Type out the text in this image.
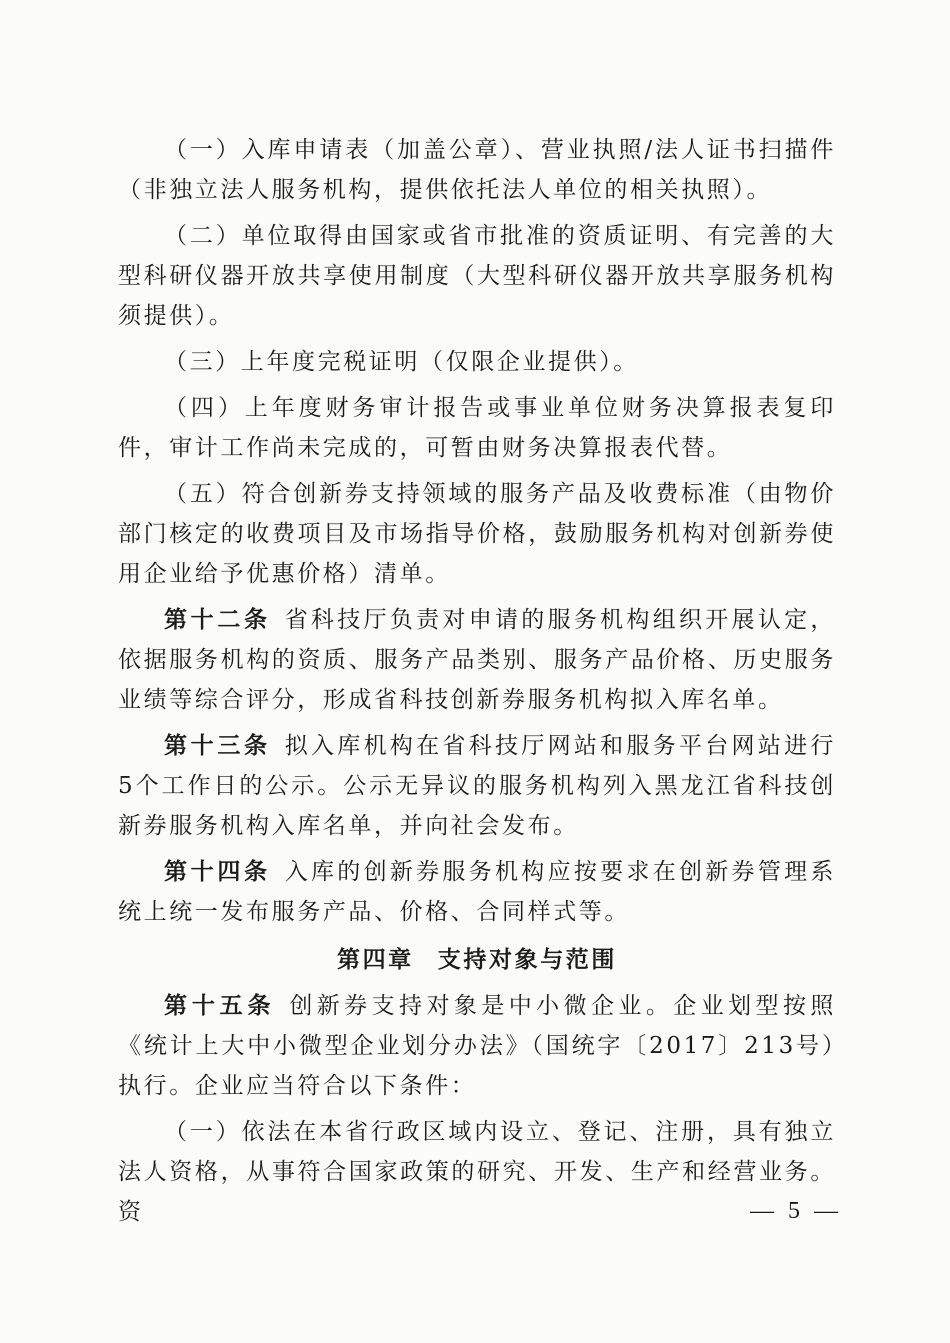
（一）入库申请表（加盖公章）、营业执照/法人证书扫描件（非独立法人服务机构，提供依托法人单位的相关执照）。

（二）单位取得由国家或省市批准的资质证明、有完善的大型科研仪器开放共享使用制度（大型科研仪器开放共享服务机构须提供）。

（三）上年度完税证明（仅限企业提供）。

（四）上年度财务审计报告或事业单位财务决算报表复印件，审计工作尚未完成的，可暂由财务决算报表代替。

（五）符合创新券支持领域的服务产品及收费标准（由物价部门核定的收费项目及市场指导价格，鼓励服务机构对创新券使用企业给予优惠价格）清单。

第十二条 省科技厅负责对申请的服务机构组织开展认定，依据服务机构的资质、服务产品类别、服务产品价格、历史服务业绩等综合评分，形成省科技创新券服务机构拟入库名单。

第十三条 拟入库机构在省科技厅网站和服务平台网站进行5个工作日的公示。公示无异议的服务机构列入黑龙江省科技创新券服务机构入库名单，并向社会发布。

第十四条 入库的创新券服务机构应按要求在创新券管理系统上统一发布服务产品、价格、合同样式等。

第四章 支持对象与范围

第十五条 创新券支持对象是中小微企业。企业划型按照《统计上大中小微型企业划分办法》（国统字〔2017〕213号）执行。企业应当符合以下条件：

（一）依法在本省行政区域内设立、登记、注册，具有独立法人资格，从事符合国家政策的研究、开发、生产和经营业务。资	— 5 —
